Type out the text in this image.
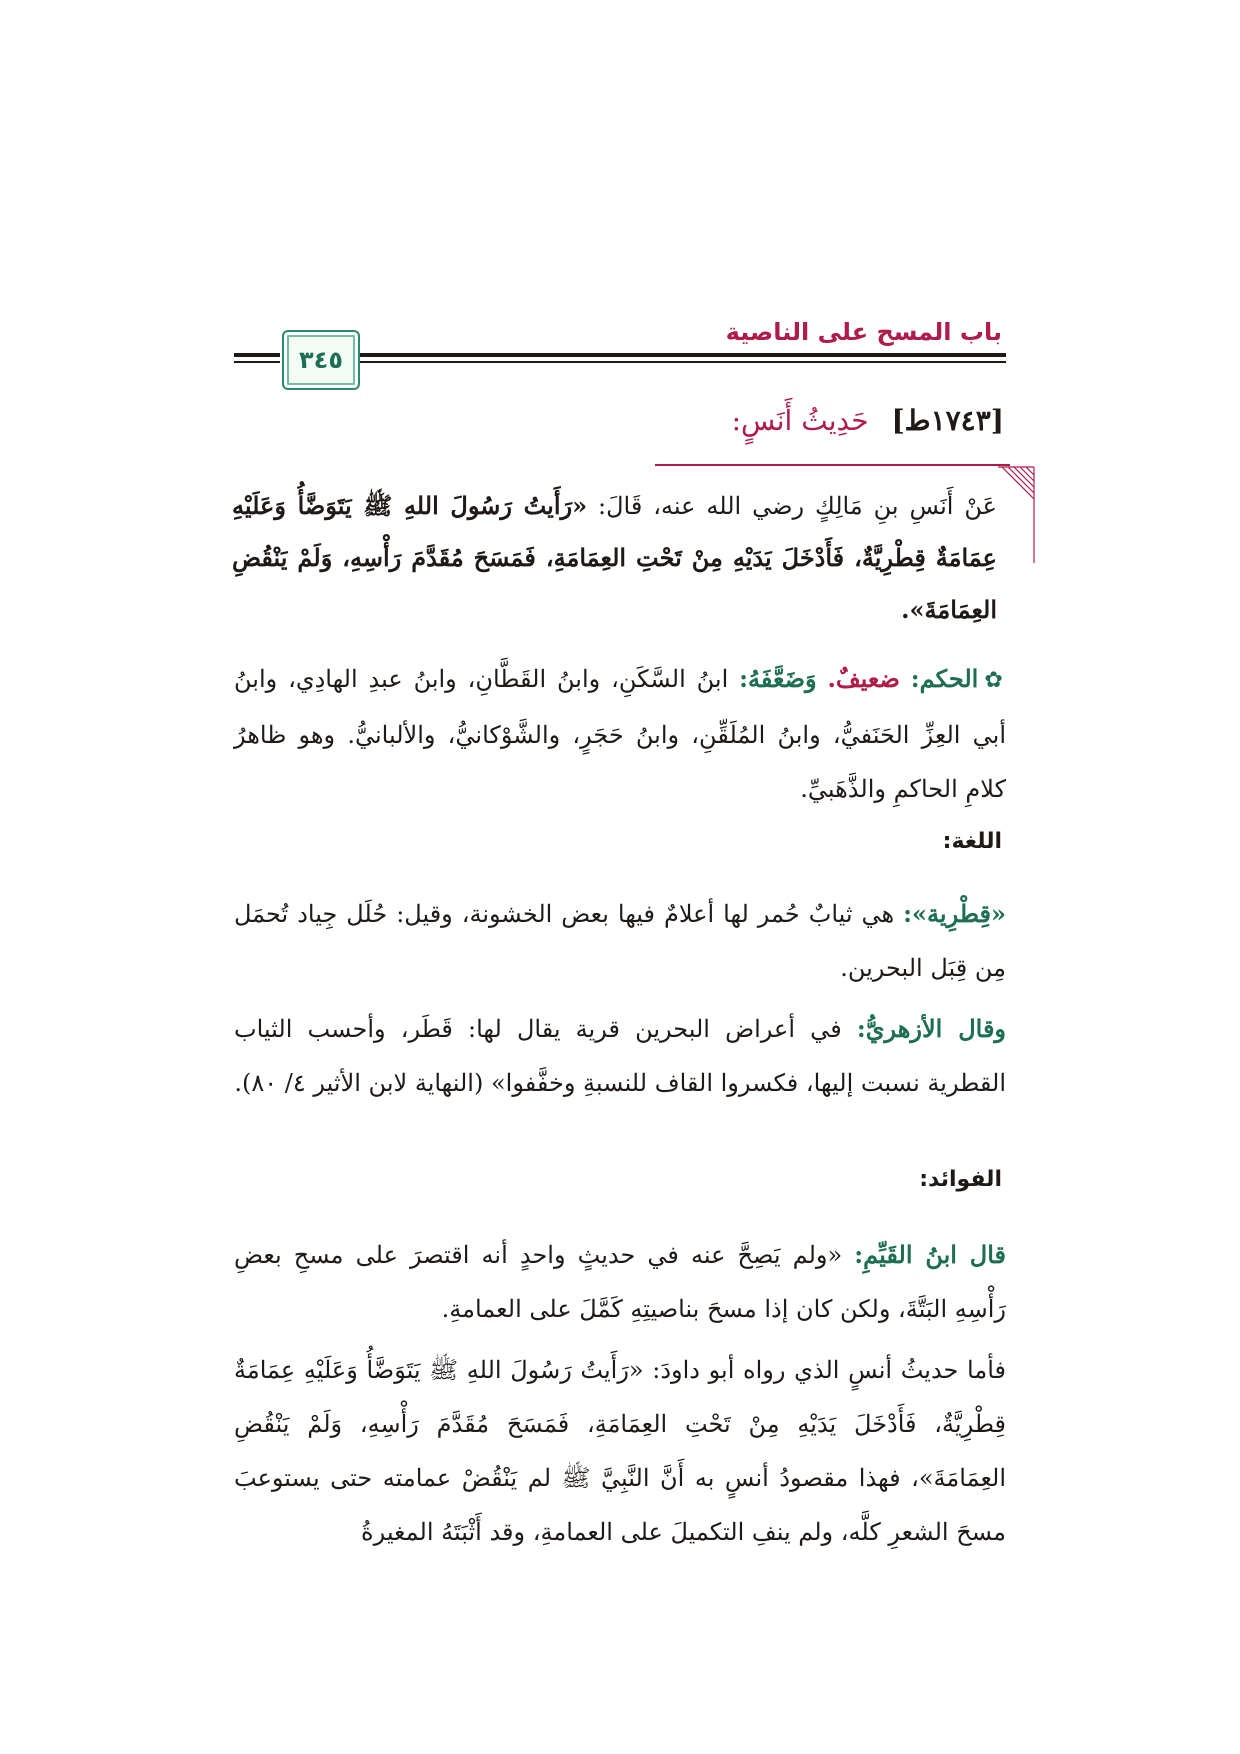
باب المسح على الناصية
٣٤٥
[١٧٤٣ط] حَدِيثُ أَنَسٍ:
عَنْ أَنَسِ بنِ مَالِكٍ رضي الله عنه، قَالَ: «رَأَيتُ رَسُولَ اللهِ ﷺ يَتَوَضَّأُ وَعَلَيْهِ عِمَامَةٌ قِطْرِيَّةٌ، فَأَدْخَلَ يَدَيْهِ مِنْ تَحْتِ العِمَامَةِ، فَمَسَحَ مُقَدَّمَ رَأْسِهِ، وَلَمْ يَنْقُضِ العِمَامَةَ».
✿الحكم: ضعيفٌ. وَضَعَّفَهُ: ابنُ السَّكَنِ، وابنُ القَطَّانِ، وابنُ عبدِ الهادِي، وابنُ أبي العِزِّ الحَنَفيُّ، وابنُ المُلَقِّنِ، وابنُ حَجَرٍ، والشَّوْكانيُّ، والألبانيُّ. وهو ظاهرُ كلامِ الحاكمِ والذَّهَبيِّ.
اللغة:
«قِطْرِية»: هي ثيابٌ حُمر لها أعلامٌ فيها بعض الخشونة، وقيل: حُلَل جِياد تُحمَل مِن قِبَل البحرين.
وقال الأزهريُّ: في أعراض البحرين قرية يقال لها: قَطَر، وأحسب الثياب القطرية نسبت إليها، فكسروا القاف للنسبةِ وخفَّفوا» (النهاية لابن الأثير ٤/ ٨٠).
الفوائد:
قال ابنُ القَيِّمِ: «ولم يَصِحَّ عنه في حديثٍ واحدٍ أنه اقتصرَ على مسحِ بعضِ رَأْسِهِ البَتَّةَ، ولكن كان إذا مسحَ بناصيتِهِ كَمَّلَ على العمامةِ.
فأما حديثُ أنسٍ الذي رواه أبو داودَ: «رَأَيتُ رَسُولَ اللهِ ﷺ يَتَوَضَّأُ وَعَلَيْهِ عِمَامَةٌ قِطْرِيَّةٌ، فَأَدْخَلَ يَدَيْهِ مِنْ تَحْتِ العِمَامَةِ، فَمَسَحَ مُقَدَّمَ رَأْسِهِ، وَلَمْ يَنْقُضِ العِمَامَةَ»، فهذا مقصودُ أنسٍ به أَنَّ النَّبِيَّ ﷺ لم يَنْقُضْ عمامته حتى يستوعبَ مسحَ الشعرِ كلَّه، ولم ينفِ التكميلَ على العمامةِ، وقد أَثْبَتَهُ المغيرةُ
